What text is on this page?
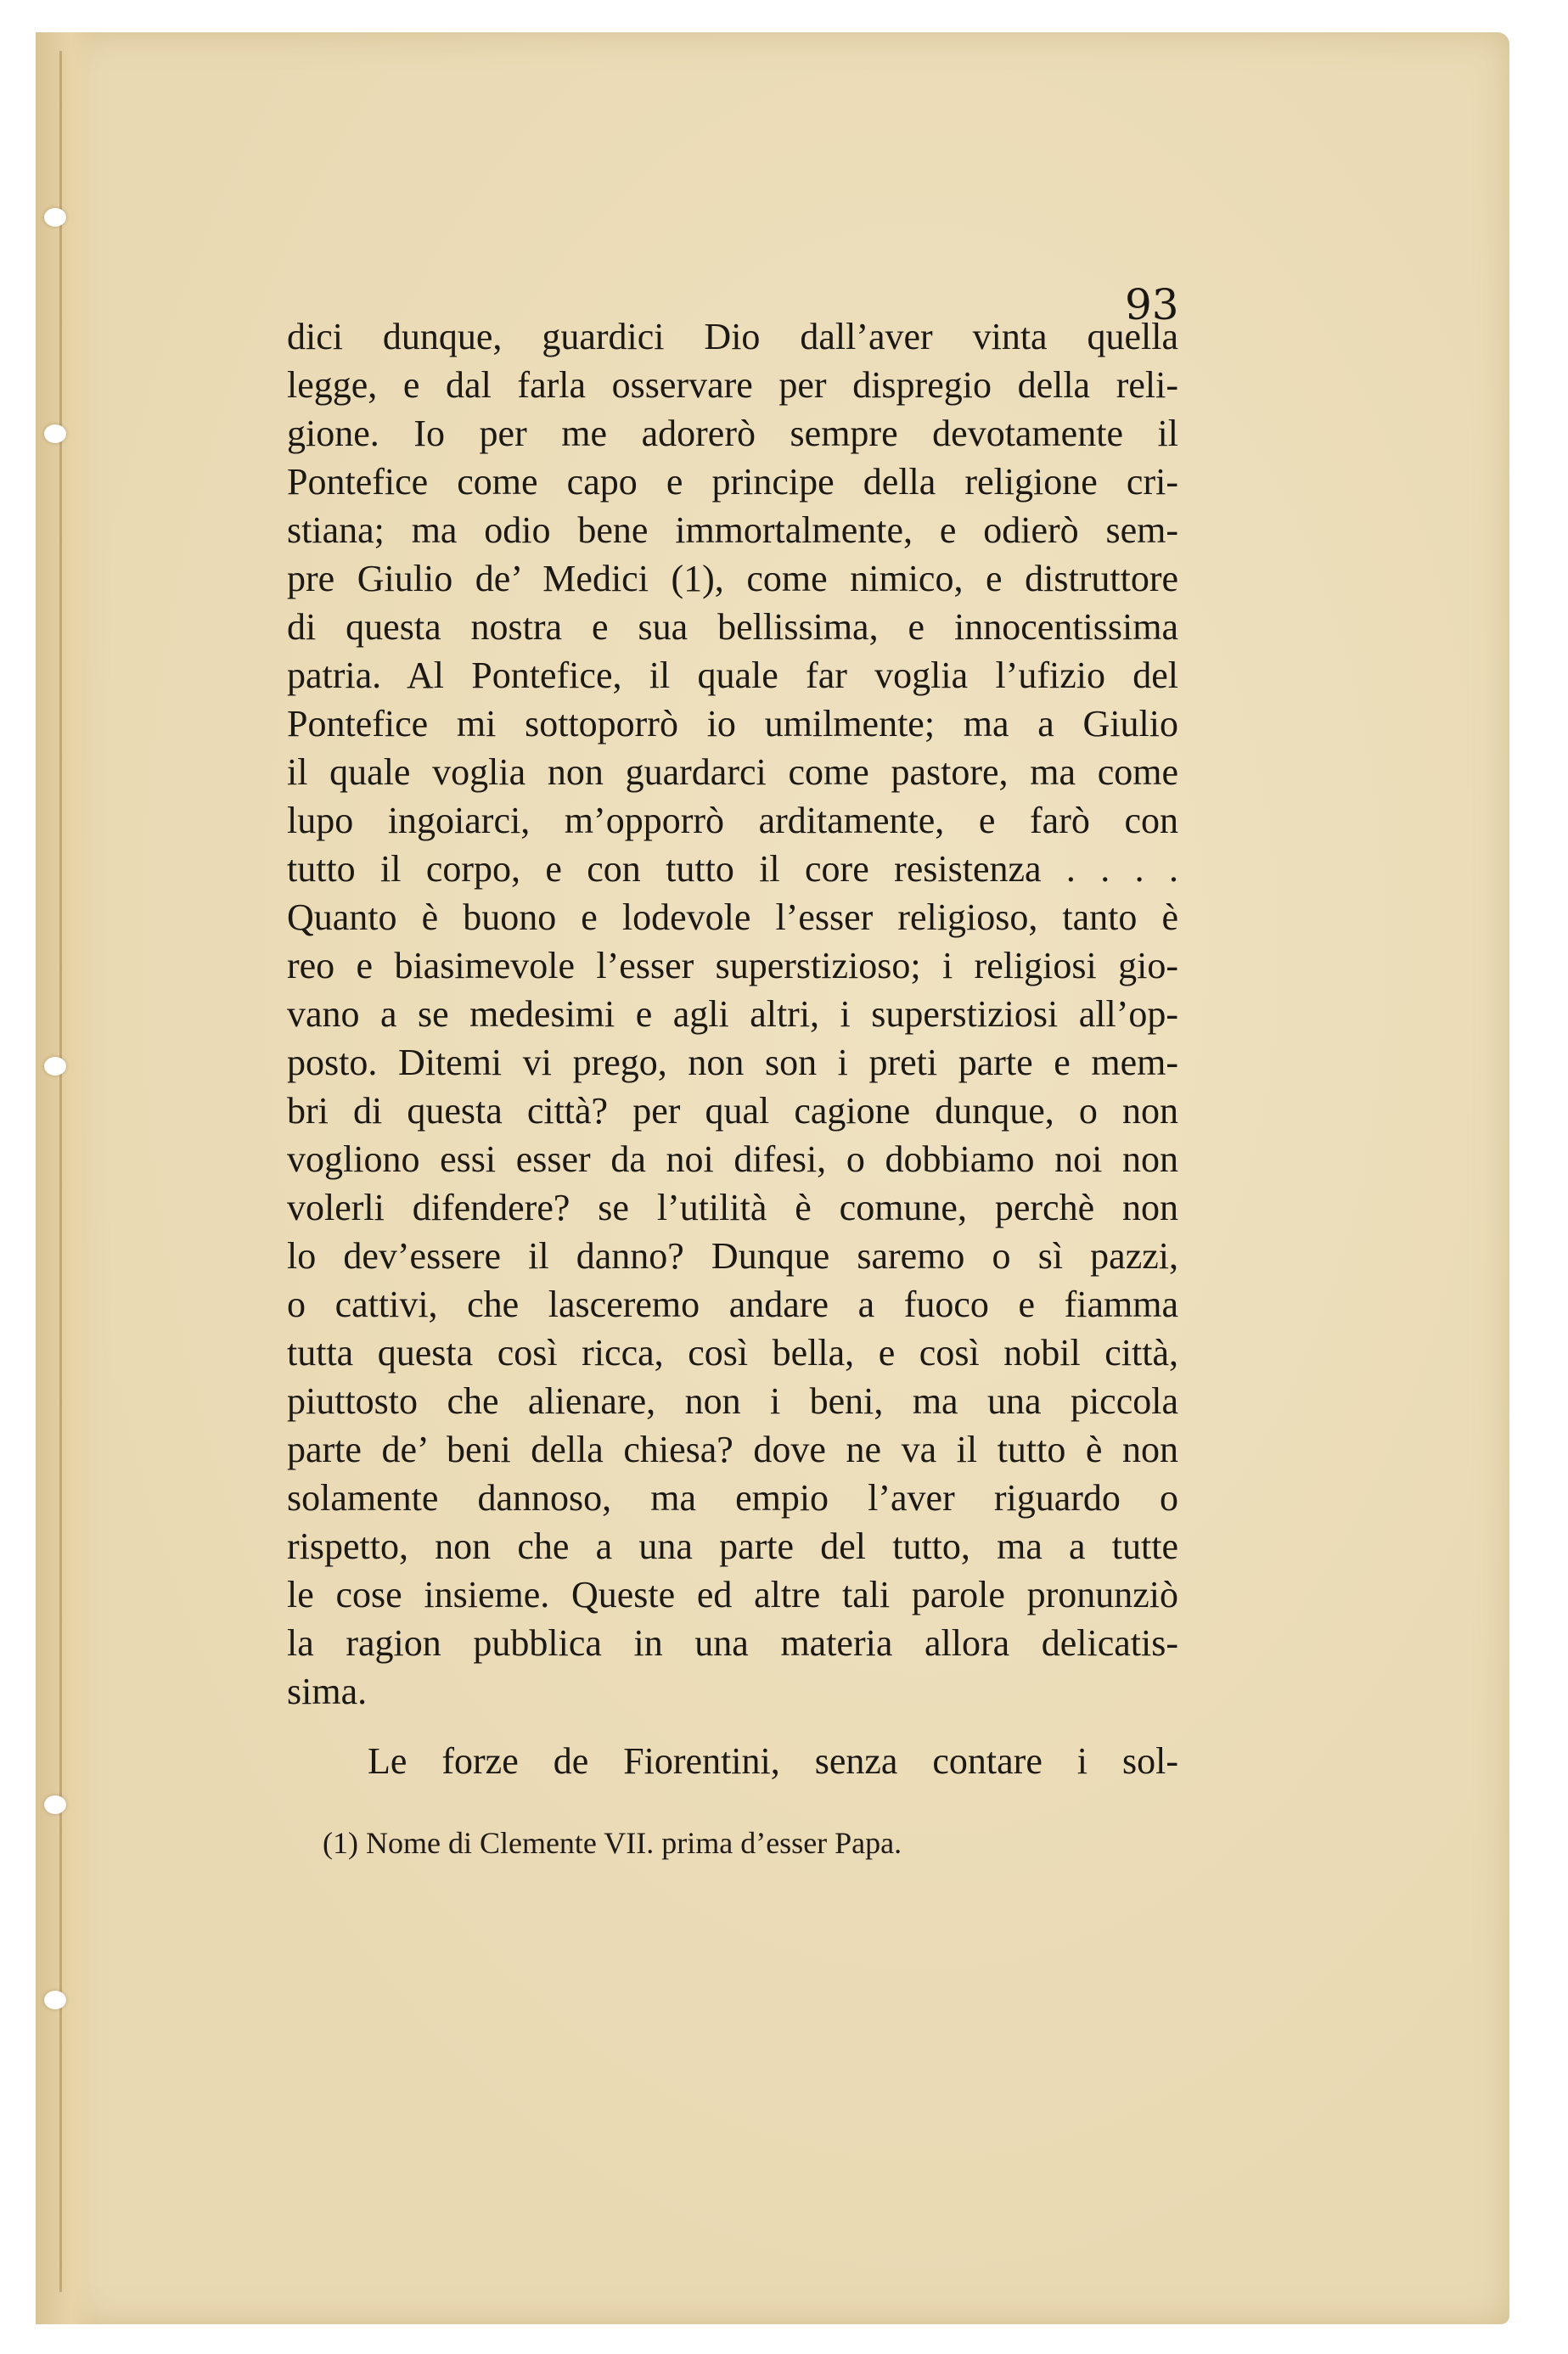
93

dici dunque, guardici Dio dall’aver vinta quella
legge, e dal farla osservare per dispregio della reli-
gione. Io per me adorerò sempre devotamente il
Pontefice come capo e principe della religione cri-
stiana; ma odio bene immortalmente, e odierò sem-
pre Giulio de’ Medici (1), come nimico, e distruttore
di questa nostra e sua bellissima, e innocentissima
patria. Al Pontefice, il quale far voglia l’ufizio del
Pontefice mi sottoporrò io umilmente; ma a Giulio
il quale voglia non guardarci come pastore, ma come
lupo ingoiarci, m’opporrò arditamente, e farò con
tutto il corpo, e con tutto il core resistenza . . . .
Quanto è buono e lodevole l’esser religioso, tanto è
reo e biasimevole l’esser superstizioso; i religiosi gio-
vano a se medesimi e agli altri, i superstiziosi all’op-
posto. Ditemi vi prego, non son i preti parte e mem-
bri di questa città? per qual cagione dunque, o non
vogliono essi esser da noi difesi, o dobbiamo noi non
volerli difendere? se l’utilità è comune, perchè non
lo dev’essere il danno? Dunque saremo o sì pazzi,
o cattivi, che lasceremo andare a fuoco e fiamma
tutta questa così ricca, così bella, e così nobil città,
piuttosto che alienare, non i beni, ma una piccola
parte de’ beni della chiesa? dove ne va il tutto è non
solamente dannoso, ma empio l’aver riguardo o
rispetto, non che a una parte del tutto, ma a tutte
le cose insieme. Queste ed altre tali parole pronunziò
la ragion pubblica in una materia allora delicatis-
sima.
Le forze de Fiorentini, senza contare i sol-

(1) Nome di Clemente VII. prima d’esser Papa.
